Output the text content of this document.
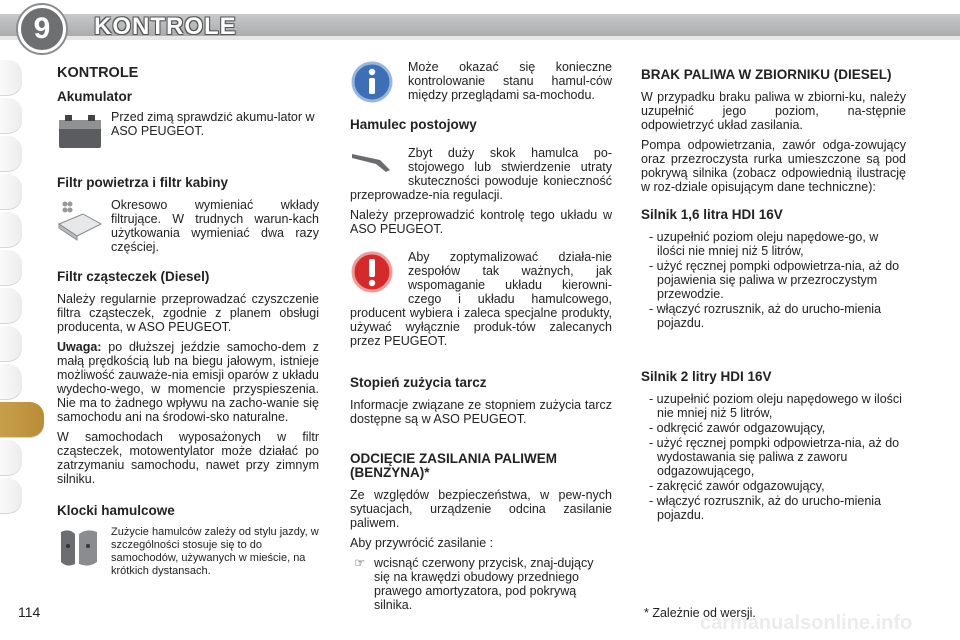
9	KONTROLE
114
KONTROLE
Akumulator
Przed zimą sprawdzić akumu-lator w ASO PEUGEOT.
Filtr powietrza i filtr kabiny
Okresowo wymieniać wkłady filtrujące. W trudnych warun-kach użytkowania wymieniać dwa razy częściej.
Filtr cząsteczek (Diesel)

Należy regularnie przeprowadzać czyszczenie filtra cząsteczek, zgodnie z planem obsługi producenta, w ASO PEUGEOT.

Uwaga: po dłuższej jeździe samocho-dem z małą prędkością lub na biegu jałowym, istnieje możliwość zauważe-nia emisji oparów z układu wydecho-wego, w momencie przyspieszenia. Nie ma to żadnego wpływu na zacho-wanie się samochodu ani na środowi-sko naturalne.

W samochodach wyposażonych w filtr cząsteczek, motowentylator może działać po zatrzymaniu samochodu, nawet przy zimnym silniku.

Klocki hamulcowe
Zużycie hamulców zależy od stylu jazdy, w szczególności stosuje się to do samochodów, używanych w mieście, na krótkich dystansach.

Może okazać się konieczne kontrolowanie stanu hamul-ców między przeglądami sa-mochodu.

Hamulec postojowy

Zbyt duży skok hamulca po-stojowego lub stwierdzenie utraty skuteczności powoduje konieczność przeprowadze-nia regulacji.

Należy przeprowadzić kontrolę tego układu w ASO PEUGEOT.

Aby zoptymalizować działa-nie zespołów tak ważnych, jak wspomaganie układu kierowni-czego i układu hamulcowego, producent wybiera i zaleca specjalne produkty, używać wyłącznie produk-tów zalecanych przez PEUGEOT.

Stopień zużycia tarcz

Informacje związane ze stopniem zużycia tarcz dostępne są w ASO PEUGEOT.

ODCIĘCIE ZASILANIA PALIWEM (BENZYNA)*

Ze względów bezpieczeństwa, w pew-nych sytuacjach, urządzenie odcina zasilanie paliwem.

Aby przywrócić zasilanie :

☞ wcisnąć czerwony przycisk, znaj-dujący się na krawędzi obudowy przedniego prawego amortyzatora, pod pokrywą silnika.
BRAK PALIWA W ZBIORNIKU (DIESEL)

W przypadku braku paliwa w zbiorni-ku, należy uzupełnić jego poziom, na-stępnie odpowietrzyć układ zasilania.

Pompa odpowietrzania, zawór odga-zowujący oraz przezroczysta rurka umieszczone są pod pokrywą silnika (zobacz odpowiednią ilustrację w roz-dziale opisującym dane techniczne):

Silnik 1,6 litra HDI 16V
- uzupełnić poziom oleju napędowe-go, w ilości nie mniej niż 5 litrów,
- użyć ręcznej pompki odpowietrza-nia, aż do pojawienia się paliwa w przezroczystym przewodzie.
- włączyć rozrusznik, aż do urucho-mienia pojazdu.
Silnik 2 litry HDI 16V
- uzupełnić poziom oleju napędowego w ilości nie mniej niż 5 litrów,
- odkręcić zawór odgazowujący,
- użyć ręcznej pompki odpowietrza-nia, aż do wydostawania się paliwa z zaworu odgazowującego,
- zakręcić zawór odgazowujący,
- włączyć rozrusznik, aż do urucho-mienia pojazdu.
* Zależnie od wersji.
carmanualsonline.info
